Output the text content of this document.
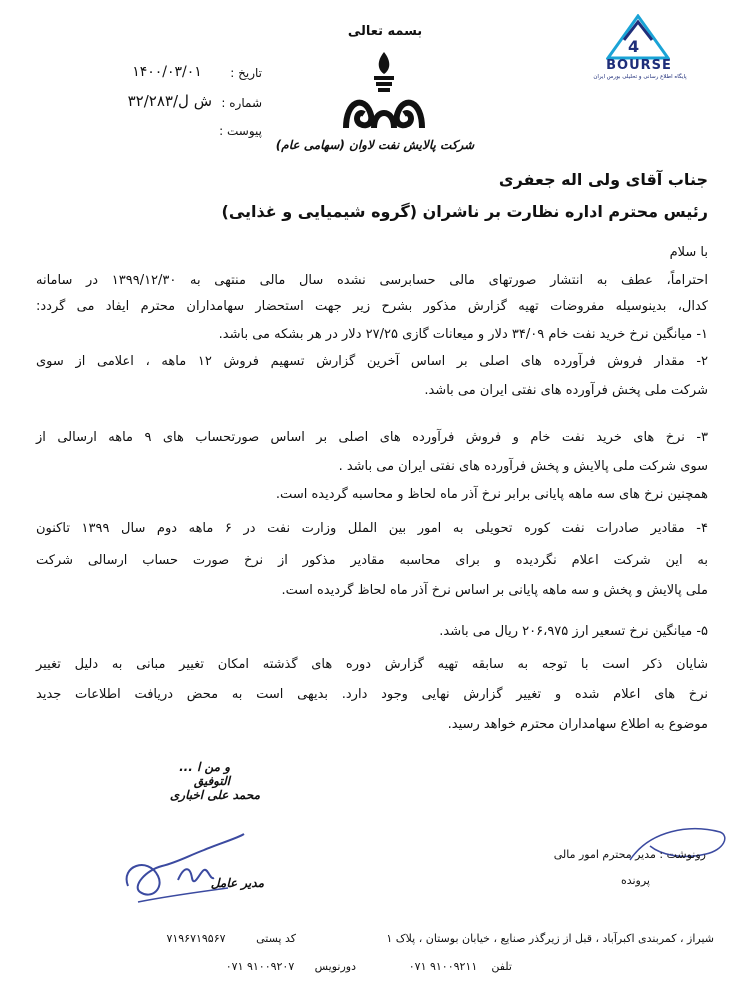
بسمه تعالی
4
BOURSE
پایگاه اطلاع رسانی و تحلیلی بورس ایران
تاریخ :
۱۴۰۰/۰۳/۰۱
شماره :
ش ل/۳۲/۲۸۳
پیوست :
شرکت پالایش نفت لاوان (سهامی عام)
جناب آقای ولی اله جعفری
رئیس محترم اداره نظارت بر ناشران (گروه شیمیایی و غذایی)
با سلام
احتراماً، عطف به انتشار صورتهای مالی حسابرسی نشده سال مالی منتهی به ۱۳۹۹/۱۲/۳۰ در سامانه
کدال، بدینوسیله مفروضات تهیه گزارش مذکور بشرح زیر جهت استحضار سهامداران محترم ایفاد می گردد:
۱- میانگین نرخ خرید نفت خام ۳۴/۰۹ دلار و میعانات گازی ۲۷/۲۵ دلار در هر بشکه می باشد.
۲- مقدار فروش فرآورده های اصلی بر اساس آخرین گزارش تسهیم فروش ۱۲ ماهه ، اعلامی از سوی
شرکت ملی پخش فرآورده های نفتی ایران می باشد.
۳- نرخ های خرید نفت خام و فروش فرآورده های اصلی بر اساس صورتحساب های ۹ ماهه ارسالی از
سوی شرکت ملی پالایش و پخش فرآورده های نفتی ایران می باشد .
همچنین نرخ های سه ماهه پایانی برابر نرخ آذر ماه لحاظ و محاسبه گردیده است.
۴- مقادیر صادرات نفت کوره تحویلی به امور بین الملل وزارت نفت در ۶ ماهه دوم سال ۱۳۹۹ تاکنون
به این شرکت اعلام نگردیده و برای محاسبه مقادیر مذکور از نرخ صورت حساب ارسالی شرکت
ملی پالایش و پخش و سه ماهه پایانی بر اساس نرخ آذر ماه لحاظ گردیده است.
۵- میانگین نرخ تسعیر ارز ۲۰۶،۹۷۵ ریال می باشد.
شایان ذکر است با توجه به سابقه تهیه گزارش دوره های گذشته امکان تغییر مبانی به دلیل تغییر
نرخ های اعلام شده و تغییر گزارش نهایی وجود دارد. بدیهی است به محض دریافت اطلاعات جدید
موضوع به اطلاع سهامداران محترم خواهد رسید.
و من ا ... التوفیق
محمد علی اخباری
مدیر عامل
رونوشت : مدیر محترم امور مالی
پرونده
شیراز ، کمربندی اکبرآباد ، قبل از زیرگذر صنایع ، خیابان بوستان ، پلاک ۱
کد پستی
۷۱۹۶۷۱۹۵۶۷
تلفن
۰۷۱ ۹۱۰۰۹۲۱۱
دورنویس
۰۷۱ ۹۱۰۰۹۲۰۷
